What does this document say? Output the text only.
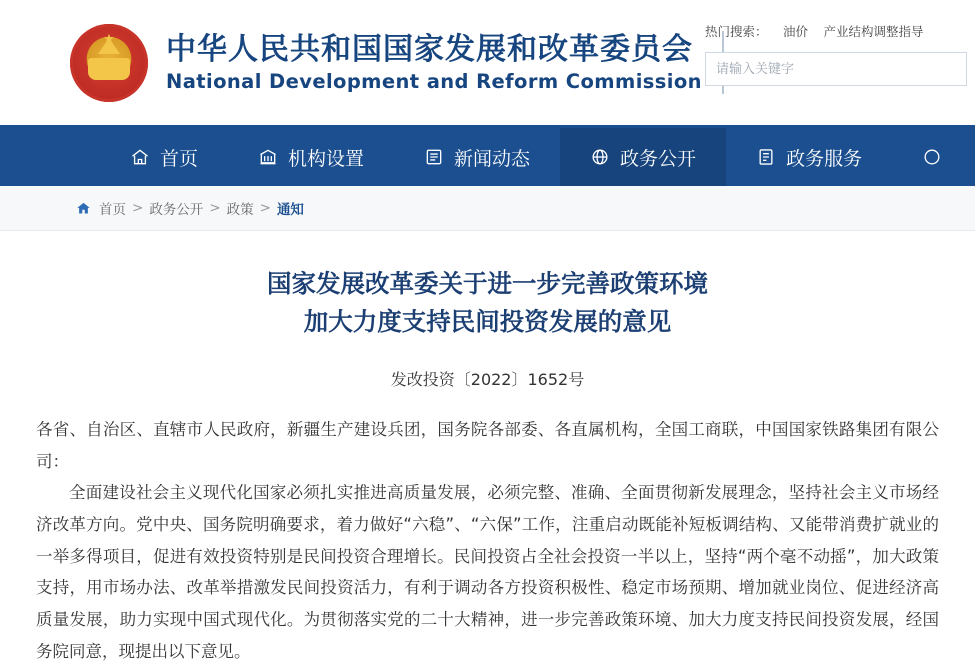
★ 中华人民共和国国家发展和改革委员会
National Development and Reform Commission
热门搜索： 油价 产业结构调整指导
请输入关键字
首页	机构设置	新闻动态	政务公开	政务服务
首页 > 政务公开 > 政策 > 通知
国家发展改革委关于进一步完善政策环境
加大力度支持民间投资发展的意见
发改投资〔2022〕1652号

各省、自治区、直辖市人民政府，新疆生产建设兵团，国务院各部委、各直属机构，全国工商联，中国国家铁路集团有限公司：

全面建设社会主义现代化国家必须扎实推进高质量发展，必须完整、准确、全面贯彻新发展理念，坚持社会主义市场经济改革方向。党中央、国务院明确要求，着力做好“六稳”、“六保”工作，注重启动既能补短板调结构、又能带消费扩就业的一举多得项目，促进有效投资特别是民间投资合理增长。民间投资占全社会投资一半以上，坚持“两个毫不动摇”，加大政策支持，用市场办法、改革举措激发民间投资活力，有利于调动各方投资积极性、稳定市场预期、增加就业岗位、促进经济高质量发展，助力实现中国式现代化。为贯彻落实党的二十大精神，进一步完善政策环境、加大力度支持民间投资发展，经国务院同意，现提出以下意见。
